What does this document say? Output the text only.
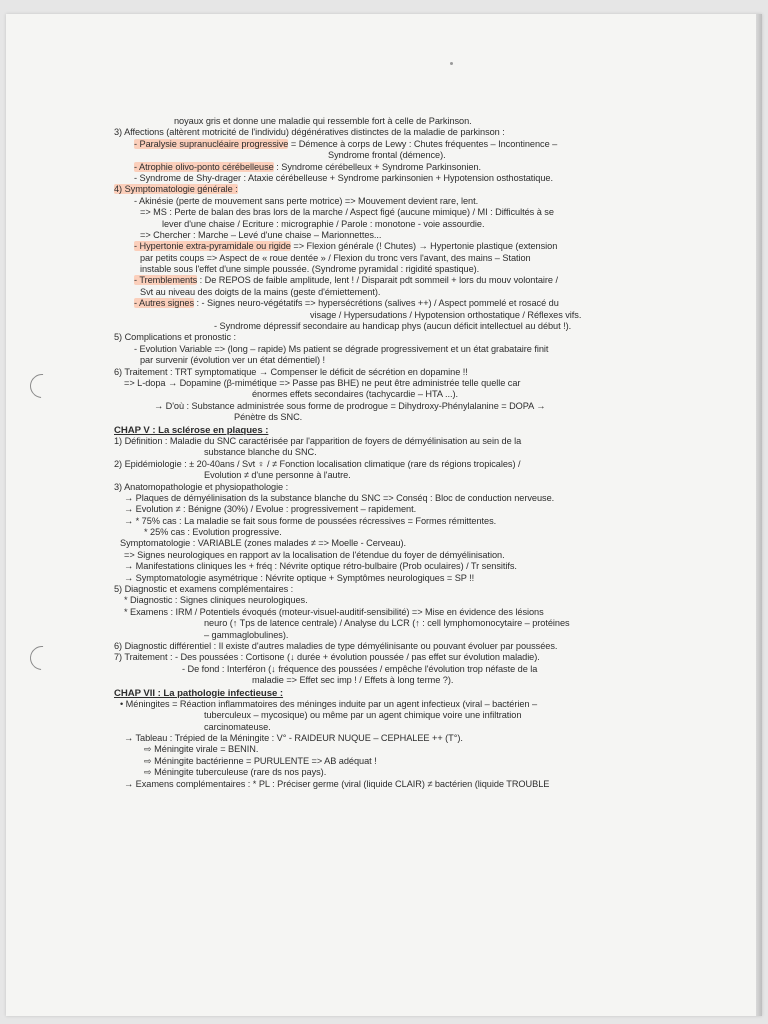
noyaux gris et donne une maladie qui ressemble fort à celle de Parkinson.
3) Affections (altèrent motricité de l'individu) dégénératives distinctes de la maladie de parkinson :
- Paralysie supranucléaire progressive = Démence à corps de Lewy : Chutes fréquentes – Incontinence –
Syndrome frontal (démence).
- Atrophie olivo-ponto cérébelleuse : Syndrome cérébelleux + Syndrome Parkinsonien.
- Syndrome de Shy-drager : Ataxie cérébelleuse + Syndrome parkinsonien + Hypotension osthostatique.
4) Symptomatologie générale :
- Akinésie (perte de mouvement sans perte motrice) => Mouvement devient rare, lent.
=> MS : Perte de balan des bras lors de la marche / Aspect figé (aucune mimique) / MI : Difficultés à se
lever d'une chaise / Ecriture : micrographie / Parole : monotone - voie assourdie.
=> Chercher : Marche – Levé d'une chaise – Marionnettes...
- Hypertonie extra-pyramidale ou rigide => Flexion générale (! Chutes) → Hypertonie plastique (extension
par petits coups => Aspect de « roue dentée » / Flexion du tronc vers l'avant, des mains – Station
instable sous l'effet d'une simple poussée. (Syndrome pyramidal : rigidité spastique).
- Tremblements : De REPOS de faible amplitude, lent ! / Disparait pdt sommeil + lors du mouv volontaire /
Svt au niveau des doigts de la mains (geste d'émiettement).
- Autres signes : - Signes neuro-végétatifs => hypersécrétions (salives ++) / Aspect pommelé et rosacé du
visage / Hypersudations / Hypotension orthostatique / Réflexes vifs.
- Syndrome dépressif secondaire au handicap phys (aucun déficit intellectuel au début !).
5) Complications et pronostic :
- Evolution Variable => (long – rapide) Ms patient se dégrade progressivement et un état grabataire finit
par survenir (évolution ver un état démentiel) !
6) Traitement : TRT symptomatique → Compenser le déficit de sécrétion en dopamine !!
=> L-dopa → Dopamine (β-mimétique => Passe pas BHE) ne peut être administrée telle quelle car
énormes effets secondaires (tachycardie – HTA ...).
→ D'où : Substance administrée sous forme de prodrogue = Dihydroxy-Phénylalanine = DOPA →
Pénètre ds SNC.
CHAP V : La sclérose en plaques :
1) Définition : Maladie du SNC caractérisée par l'apparition de foyers de démyélinisation au sein de la
substance blanche du SNC.
2) Epidémiologie : ± 20-40ans / Svt ♀ / ≠ Fonction localisation climatique (rare ds régions tropicales) /
Evolution ≠ d'une personne à l'autre.
3) Anatomopathologie et physiopathologie :
→ Plaques de démyélinisation ds la substance blanche du SNC => Conséq : Bloc de conduction nerveuse.
→ Evolution ≠ : Bénigne (30%) / Evolue : progressivement – rapidement.
→ * 75% cas : La maladie se fait sous forme de poussées récressives = Formes rémittentes.
* 25% cas : Evolution progressive.
Symptomatologie : VARIABLE (zones malades ≠ => Moelle - Cerveau).
=> Signes neurologiques en rapport av la localisation de l'étendue du foyer de démyélinisation.
→ Manifestations cliniques les + fréq : Névrite optique rétro-bulbaire (Prob oculaires) / Tr sensitifs.
→ Symptomatologie asymétrique : Névrite optique + Symptômes neurologiques = SP !!
5) Diagnostic et examens complémentaires :
* Diagnostic : Signes cliniques neurologiques.
* Examens : IRM / Potentiels évoqués (moteur-visuel-auditif-sensibilité) => Mise en évidence des lésions
neuro (↑ Tps de latence centrale) / Analyse du LCR (↑ : cell lymphomonocytaire – protéines
– gammaglobulines).
6) Diagnostic différentiel : Il existe d'autres maladies de type démyélinisante ou pouvant évoluer par poussées.
7) Traitement : - Des poussées : Cortisone (↓ durée + évolution poussée / pas effet sur évolution maladie).
- De fond : Interféron (↓ fréquence des poussées / empêche l'évolution trop néfaste de la
maladie => Effet sec imp ! / Effets à long terme ?).
CHAP VII : La pathologie infectieuse :
• Méningites = Réaction inflammatoires des méninges induite par un agent infectieux (viral – bactérien –
tuberculeux – mycosique) ou même par un agent chimique voire une infiltration
carcinomateuse.
→ Tableau : Trépied de la Méningite : V° - RAIDEUR NUQUE – CEPHALEE ++ (T°).
⇨ Méningite virale = BENIN.
⇨ Méningite bactérienne = PURULENTE => AB adéquat !
⇨ Méningite tuberculeuse (rare ds nos pays).
→ Examens complémentaires : * PL : Préciser germe (viral (liquide CLAIR) ≠ bactérien (liquide TROUBLE
